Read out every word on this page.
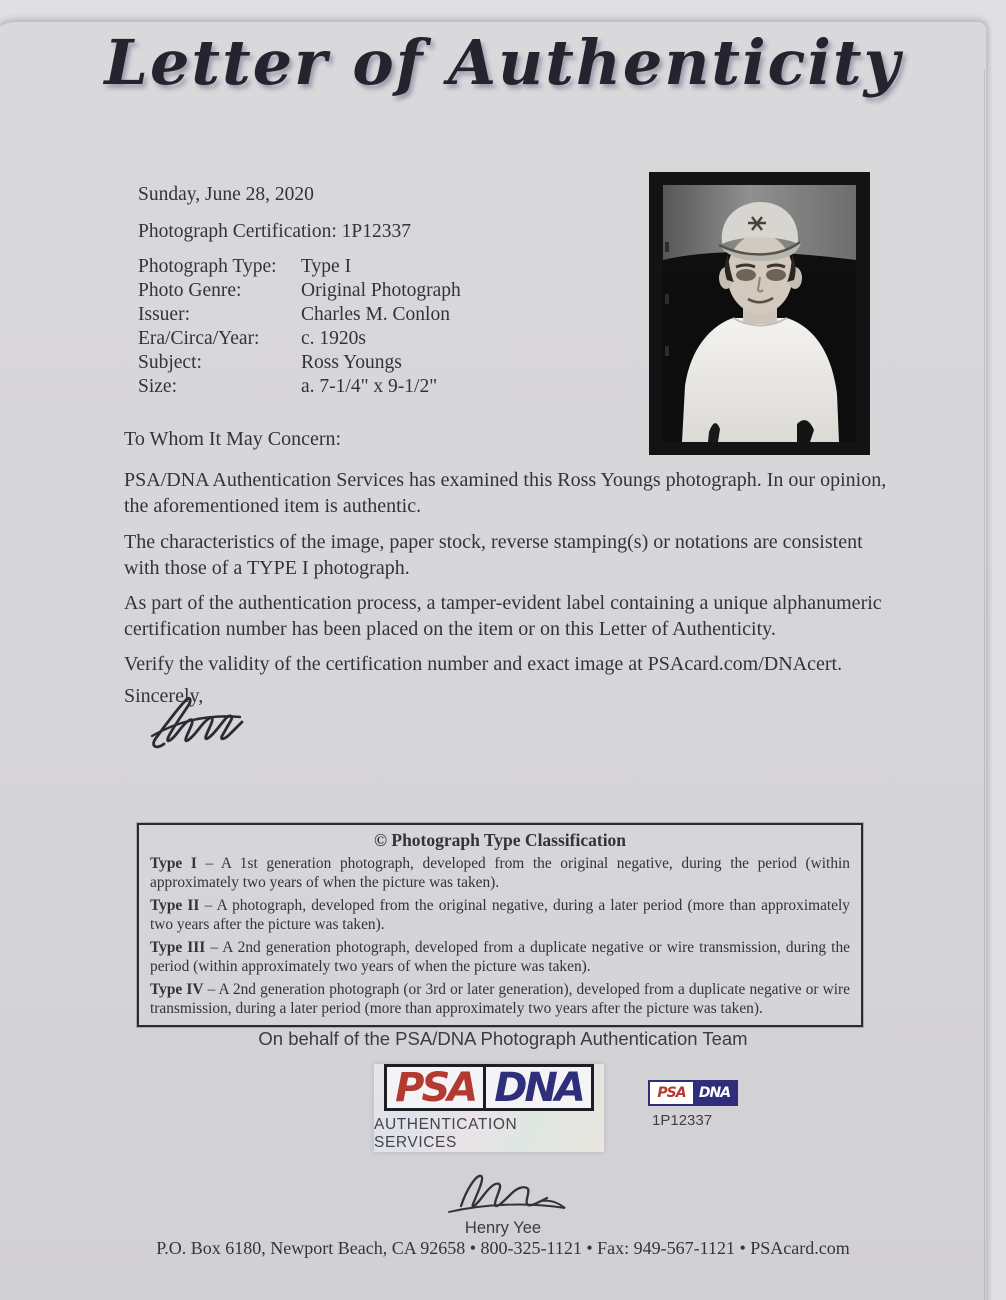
Letter of Authenticity
Sunday, June 28, 2020
Photograph Certification: 1P12337
Photograph Type:	Type I
Photo Genre:	Original Photograph
Issuer:	Charles M. Conlon
Era/Circa/Year:	c. 1920s
Subject:	Ross Youngs
Size:	a. 7-1/4" x 9-1/2"

To Whom It May Concern:

PSA/DNA Authentication Services has examined this Ross Youngs photograph. In our opinion, the aforementioned item is authentic.

The characteristics of the image, paper stock, reverse stamping(s) or notations are consistent with those of a TYPE I photograph.

As part of the authentication process, a tamper-evident label containing a unique alphanumeric certification number has been placed on the item or on this Letter of Authenticity.

Verify the validity of the certification number and exact image at PSAcard.com/DNAcert.

Sincerely,

© Photograph Type Classification

Type I – A 1st generation photograph, developed from the original negative, during the period (within approximately two years of when the picture was taken).

Type II – A photograph, developed from the original negative, during a later period (more than approximately two years after the picture was taken).

Type III – A 2nd generation photograph, developed from a duplicate negative or wire transmission, during the period (within approximately two years of when the picture was taken).

Type IV – A 2nd generation photograph (or 3rd or later generation), developed from a duplicate negative or wire transmission, during a later period (more than approximately two years after the picture was taken).

On behalf of the PSA/DNA Photograph Authentication Team
PSA DNA
AUTHENTICATION SERVICES
PSA DNA
1P12337
Henry Yee
P.O. Box 6180, Newport Beach, CA 92658 • 800-325-1121 • Fax: 949-567-1121 • PSAcard.com
